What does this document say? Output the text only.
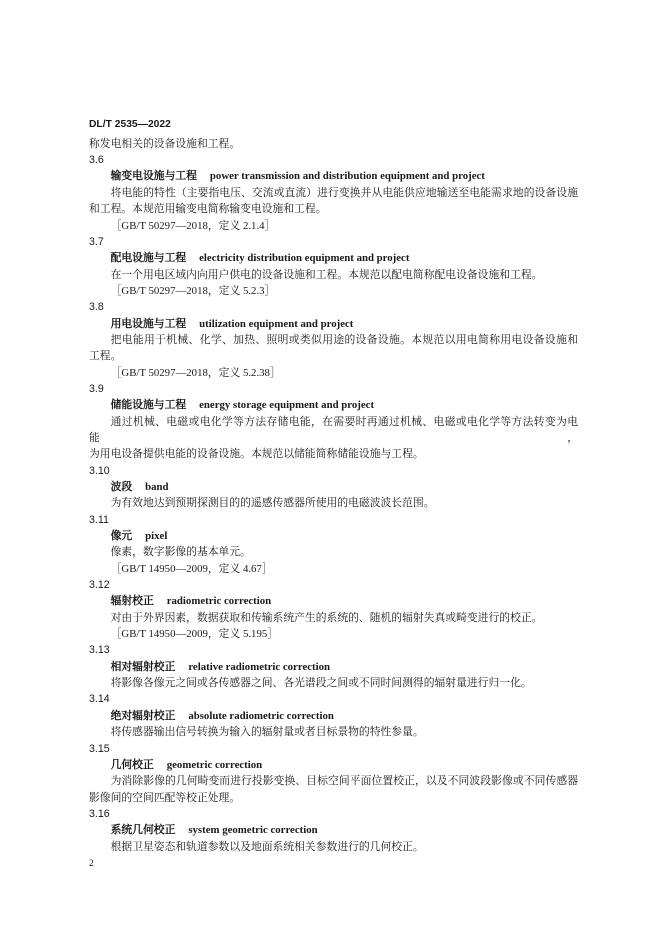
DL/T 2535—2022
称发电相关的设备设施和工程。
3.6
输变电设施与工程 power transmission and distribution equipment and project
将电能的特性（主要指电压、交流或直流）进行变换并从电能供应地输送至电能需求地的设备设施
和工程。本规范用输变电简称输变电设施和工程。
［GB/T 50297—2018，定义 2.1.4］
3.7
配电设施与工程 electricity distribution equipment and project
在一个用电区域内向用户供电的设备设施和工程。本规范以配电简称配电设备设施和工程。
［GB/T 50297—2018，定义 5.2.3］
3.8
用电设施与工程 utilization equipment and project
把电能用于机械、化学、加热、照明或类似用途的设备设施。本规范以用电简称用电设备设施和
工程。
［GB/T 50297—2018，定义 5.2.38］
3.9
储能设施与工程 energy storage equipment and project
通过机械、电磁或电化学等方法存储电能，在需要时再通过机械、电磁或电化学等方法转变为电能，
为用电设备提供电能的设备设施。本规范以储能简称储能设施与工程。
3.10
波段 band
为有效地达到预期探测目的的遥感传感器所使用的电磁波波长范围。
3.11
像元 pixel
像素，数字影像的基本单元。
［GB/T 14950—2009，定义 4.67］
3.12
辐射校正 radiometric correction
对由于外界因素，数据获取和传输系统产生的系统的、随机的辐射失真或畸变进行的校正。
［GB/T 14950—2009，定义 5.195］
3.13
相对辐射校正 relative radiometric correction
将影像各像元之间或各传感器之间、各光谱段之间或不同时间测得的辐射量进行归一化。
3.14
绝对辐射校正 absolute radiometric correction
将传感器输出信号转换为输入的辐射量或者目标景物的特性参量。
3.15
几何校正 geometric correction
为消除影像的几何畸变而进行投影变换、目标空间平面位置校正，以及不同波段影像或不同传感器
影像间的空间匹配等校正处理。
3.16
系统几何校正 system geometric correction
根据卫星姿态和轨道参数以及地面系统相关参数进行的几何校正。
2
